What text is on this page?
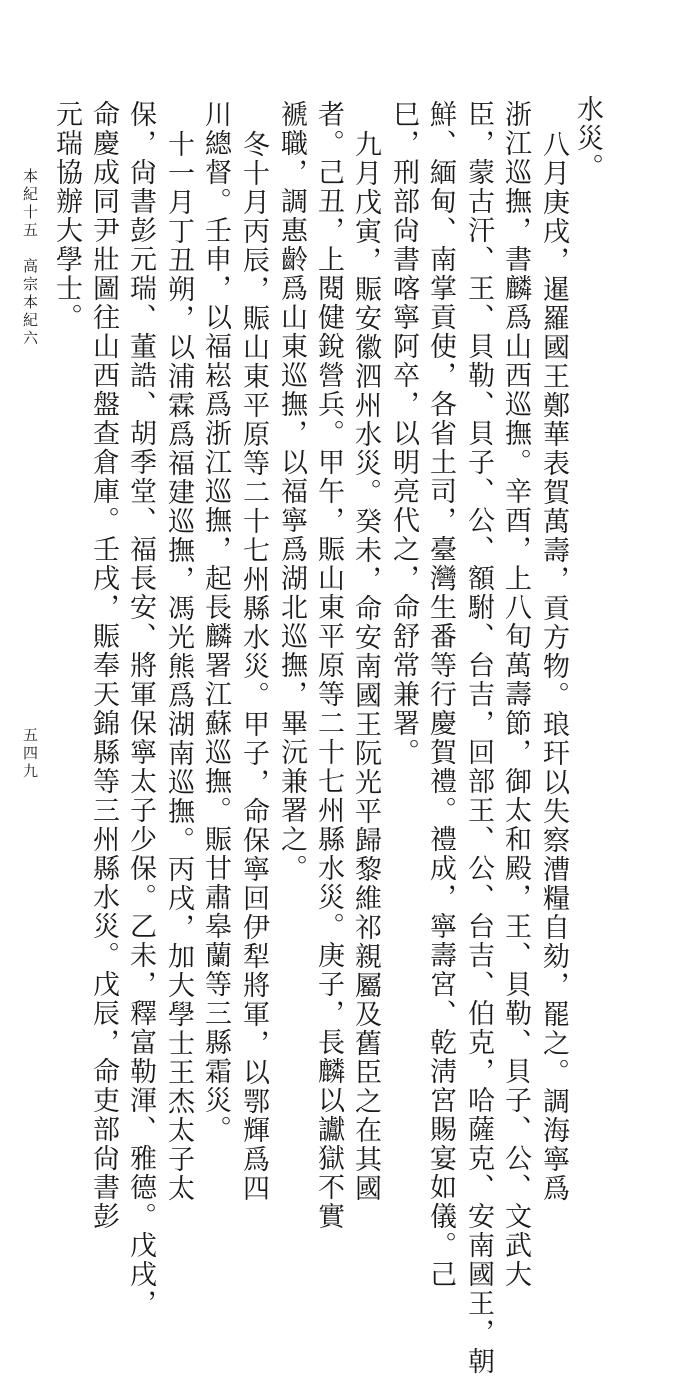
水災。
八月庚戌，暹羅國王鄭華表賀萬壽，貢方物。琅玕以失察漕糧自劾，罷之。調海寧爲
浙江巡撫，書麟爲山西巡撫。辛酉，上八旬萬壽節，御太和殿，王、貝勒、貝子、公、文武大
臣，蒙古汗、王、貝勒、貝子、公、額駙、台吉，回部王、公、台吉、伯克，哈薩克、安南國王，朝
鮮、緬甸、南掌貢使，各省土司，臺灣生番等行慶賀禮。禮成，寧壽宮、乾淸宮賜宴如儀。己
巳，刑部尙書喀寧阿卒，以明亮代之，命舒常兼署。
九月戊寅，賑安徽泗州水災。癸未，命安南國王阮光平歸黎維祁親屬及舊臣之在其國
者。己丑，上閱健銳營兵。甲午，賑山東平原等二十七州縣水災。庚子，長麟以讞獄不實
褫職，調惠齡爲山東巡撫，以福寧爲湖北巡撫，畢沅兼署之。
冬十月丙辰，賑山東平原等二十七州縣水災。甲子，命保寧回伊犁將軍，以鄂輝爲四
川總督。壬申，以福崧爲浙江巡撫，起長麟署江蘇巡撫。賑甘肅皋蘭等三縣霜災。
十一月丁丑朔，以浦霖爲福建巡撫，馮光熊爲湖南巡撫。丙戌，加大學士王杰太子太
保，尙書彭元瑞、董誥、胡季堂、福長安、將軍保寧太子少保。乙未，釋富勒渾、雅德。戊戌，
命慶成同尹壯圖往山西盤查倉庫。壬戌，賑奉天錦縣等三州縣水災。戊辰，命吏部尙書彭
元瑞協辦大學士。
本紀十五　高宗本紀六
五四九
